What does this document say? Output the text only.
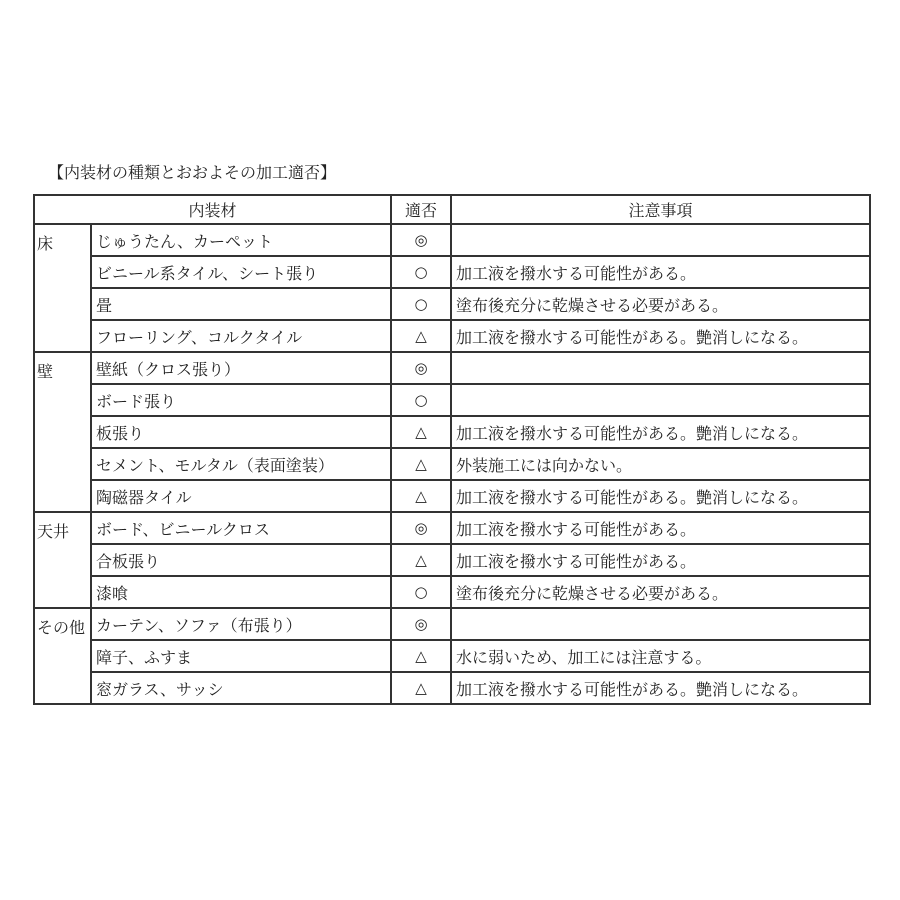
【内装材の種類とおおよその加工適否】
内装材		適否	注意事項
床	じゅうたん、カーペット	◎	
	ビニール系タイル、シート張り	○	加工液を撥水する可能性がある。
	畳	○	塗布後充分に乾燥させる必要がある。
	フローリング、コルクタイル	△	加工液を撥水する可能性がある。艶消しになる。
壁	壁紙（クロス張り）	◎	
	ボード張り	○	
	板張り	△	加工液を撥水する可能性がある。艶消しになる。
	セメント、モルタル（表面塗装）	△	外装施工には向かない。
	陶磁器タイル	△	加工液を撥水する可能性がある。艶消しになる。
天井	ボード、ビニールクロス	◎	加工液を撥水する可能性がある。
	合板張り	△	加工液を撥水する可能性がある。
	漆喰	○	塗布後充分に乾燥させる必要がある。
その他	カーテン、ソファ（布張り）	◎	
	障子、ふすま	△	水に弱いため、加工には注意する。
	窓ガラス、サッシ	△	加工液を撥水する可能性がある。艶消しになる。
